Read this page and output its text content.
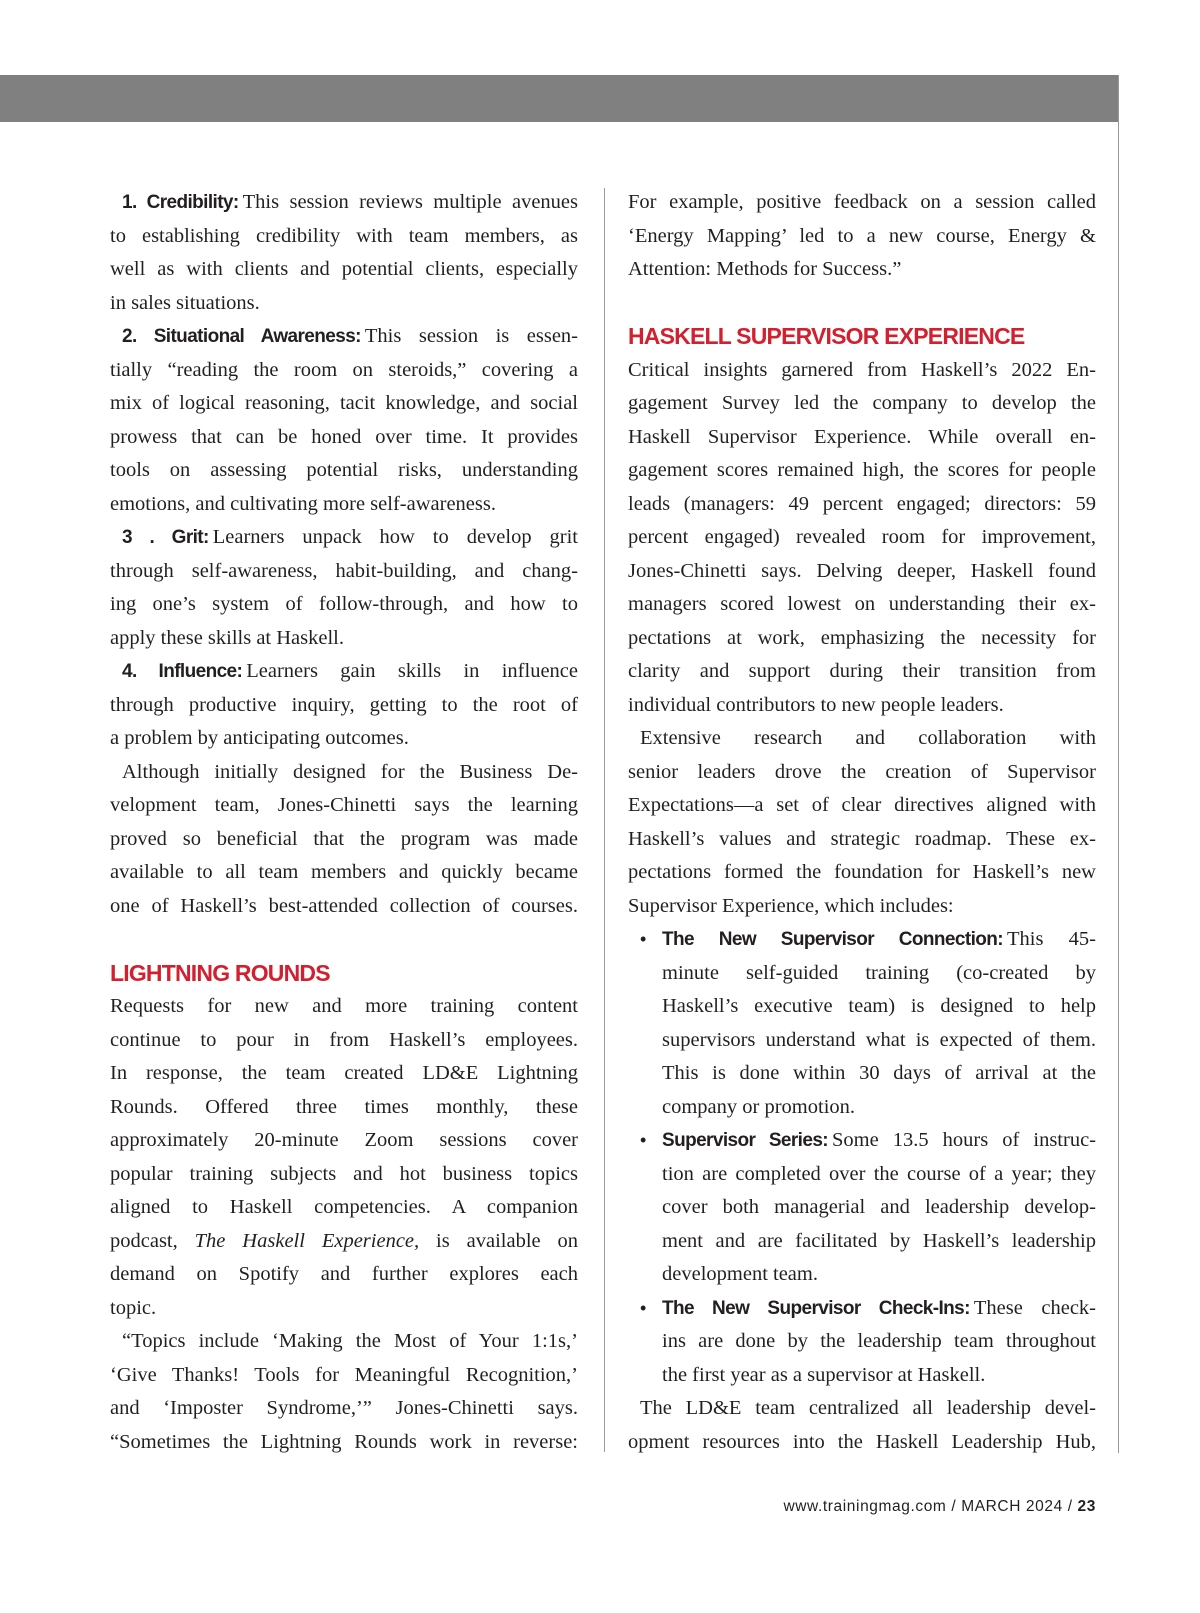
1. Credibility: This session reviews multiple avenues
to establishing credibility with team members, as
well as with clients and potential clients, especially
in sales situations.
2. Situational Awareness: This session is essen-
tially “reading the room on steroids,” covering a
mix of logical reasoning, tacit knowledge, and social
prowess that can be honed over time. It provides
tools on assessing potential risks, understanding
emotions, and cultivating more self-awareness.
3 . Grit: Learners unpack how to develop grit
through self-awareness, habit-building, and chang-
ing one’s system of follow-through, and how to
apply these skills at Haskell.
4. Influence: Learners gain skills in influence
through productive inquiry, getting to the root of
a problem by anticipating outcomes.
Although initially designed for the Business De-
velopment team, Jones-Chinetti says the learning
proved so beneficial that the program was made
available to all team members and quickly became
one of Haskell’s best-attended collection of courses.
LIGHTNING ROUNDS
Requests for new and more training content
continue to pour in from Haskell’s employees.
In response, the team created LD&E Lightning
Rounds. Offered three times monthly, these
approximately 20-minute Zoom sessions cover
popular training subjects and hot business topics
aligned to Haskell competencies. A companion
podcast, The Haskell Experience, is available on
demand on Spotify and further explores each
topic.
“Topics include ‘Making the Most of Your 1:1s,’
‘Give Thanks! Tools for Meaningful Recognition,’
and ‘Imposter Syndrome,’” Jones-Chinetti says.
“Sometimes the Lightning Rounds work in reverse:
For example, positive feedback on a session called
‘Energy Mapping’ led to a new course, Energy &
Attention: Methods for Success.”
HASKELL SUPERVISOR EXPERIENCE
Critical insights garnered from Haskell’s 2022 En-
gagement Survey led the company to develop the
Haskell Supervisor Experience. While overall en-
gagement scores remained high, the scores for people
leads (managers: 49 percent engaged; directors: 59
percent engaged) revealed room for improvement,
Jones-Chinetti says. Delving deeper, Haskell found
managers scored lowest on understanding their ex-
pectations at work, emphasizing the necessity for
clarity and support during their transition from
individual contributors to new people leaders.
Extensive research and collaboration with
senior leaders drove the creation of Supervisor
Expectations—a set of clear directives aligned with
Haskell’s values and strategic roadmap. These ex-
pectations formed the foundation for Haskell’s new
Supervisor Experience, which includes:
• The New Supervisor Connection: This 45-
minute self-guided training (co-created by
Haskell’s executive team) is designed to help
supervisors understand what is expected of them.
This is done within 30 days of arrival at the
company or promotion.
• Supervisor Series: Some 13.5 hours of instruc-
tion are completed over the course of a year; they
cover both managerial and leadership develop-
ment and are facilitated by Haskell’s leadership
development team.
• The New Supervisor Check-Ins: These check-
ins are done by the leadership team throughout
the first year as a supervisor at Haskell.
The LD&E team centralized all leadership devel-
opment resources into the Haskell Leadership Hub,
www.trainingmag.com / MARCH 2024 / 23
